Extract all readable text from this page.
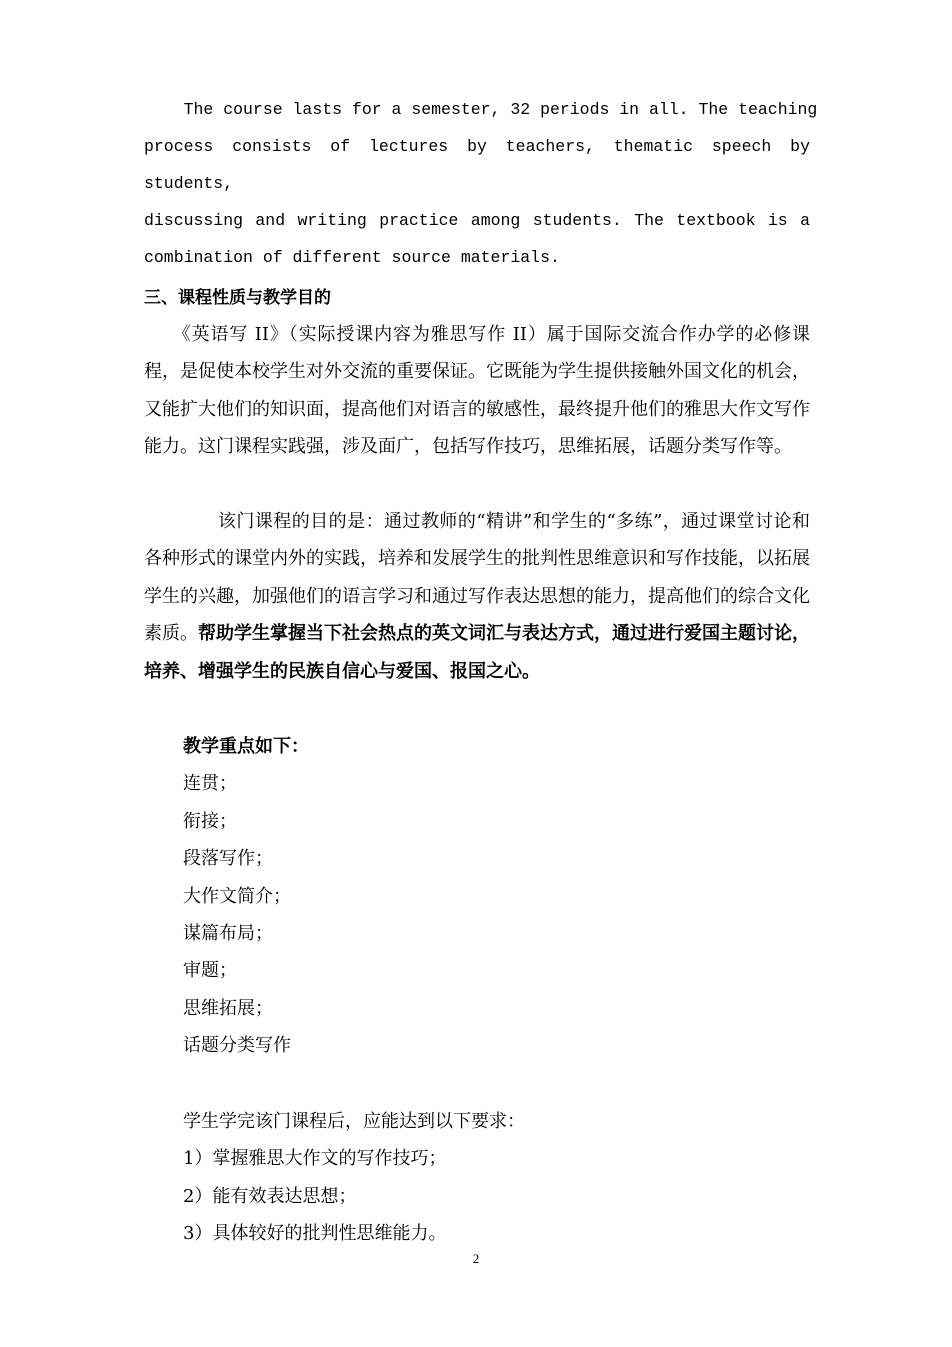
The course lasts for a semester, 32 periods in all. The teaching
process consists of lectures by teachers, thematic speech by students,
discussing and writing practice among students. The textbook is a
combination of different source materials.
三、课程性质与教学目的

　　《英语写 II》（实际授课内容为雅思写作 II）属于国际交流合作办学的必修课程，是促使本校学生对外交流的重要保证。它既能为学生提供接触外国文化的机会，又能扩大他们的知识面，提高他们对语言的敏感性，最终提升他们的雅思大作文写作能力。这门课程实践强，涉及面广，包括写作技巧，思维拓展，话题分类写作等。

　　　　该门课程的目的是：通过教师的“精讲”和学生的“多练”，通过课堂讨论和各种形式的课堂内外的实践，培养和发展学生的批判性思维意识和写作技能，以拓展学生的兴趣，加强他们的语言学习和通过写作表达思想的能力，提高他们的综合文化素质。帮助学生掌握当下社会热点的英文词汇与表达方式，通过进行爱国主题讨论，培养、增强学生的民族自信心与爱国、报国之心。

教学重点如下：
连贯；
衔接；
段落写作；
大作文简介；
谋篇布局；
审题；
思维拓展；
话题分类写作
学生学完该门课程后，应能达到以下要求：
1）掌握雅思大作文的写作技巧；
2）能有效表达思想；
3）具体较好的批判性思维能力。
2
